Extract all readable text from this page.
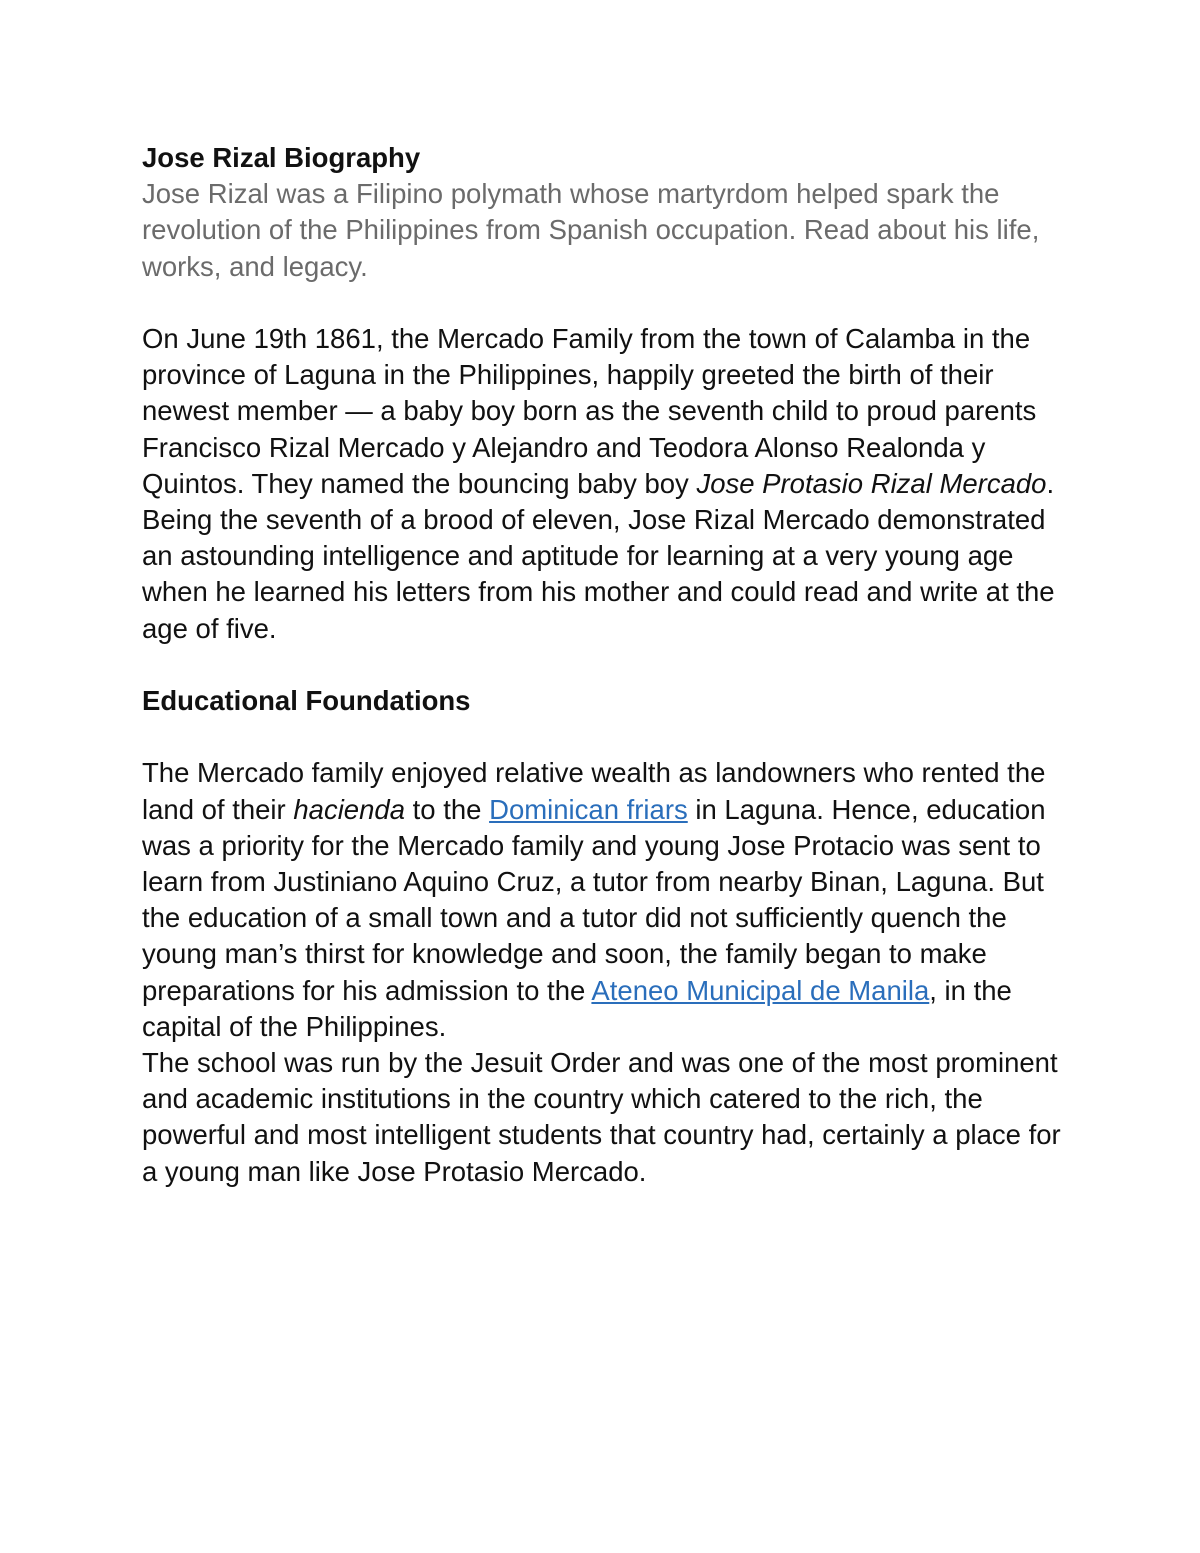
Jose Rizal Biography

Jose Rizal was a Filipino polymath whose martyrdom helped spark the revolution of the Philippines from Spanish occupation. Read about his life, works, and legacy.

On June 19th 1861, the Mercado Family from the town of Calamba in the province of Laguna in the Philippines, happily greeted the birth of their newest member — a baby boy born as the seventh child to proud parents Francisco Rizal Mercado y Alejandro and Teodora Alonso Realonda y Quintos. They named the bouncing baby boy Jose Protasio Rizal Mercado.

Being the seventh of a brood of eleven, Jose Rizal Mercado demonstrated an astounding intelligence and aptitude for learning at a very young age when he learned his letters from his mother and could read and write at the age of five.

Educational Foundations

The Mercado family enjoyed relative wealth as landowners who rented the land of their hacienda to the Dominican friars in Laguna. Hence, education was a priority for the Mercado family and young Jose Protacio was sent to learn from Justiniano Aquino Cruz, a tutor from nearby Binan, Laguna. But the education of a small town and a tutor did not sufficiently quench the young man’s thirst for knowledge and soon, the family began to make preparations for his admission to the Ateneo Municipal de Manila, in the capital of the Philippines.

The school was run by the Jesuit Order and was one of the most prominent and academic institutions in the country which catered to the rich, the powerful and most intelligent students that country had, certainly a place for a young man like Jose Protasio Mercado.
